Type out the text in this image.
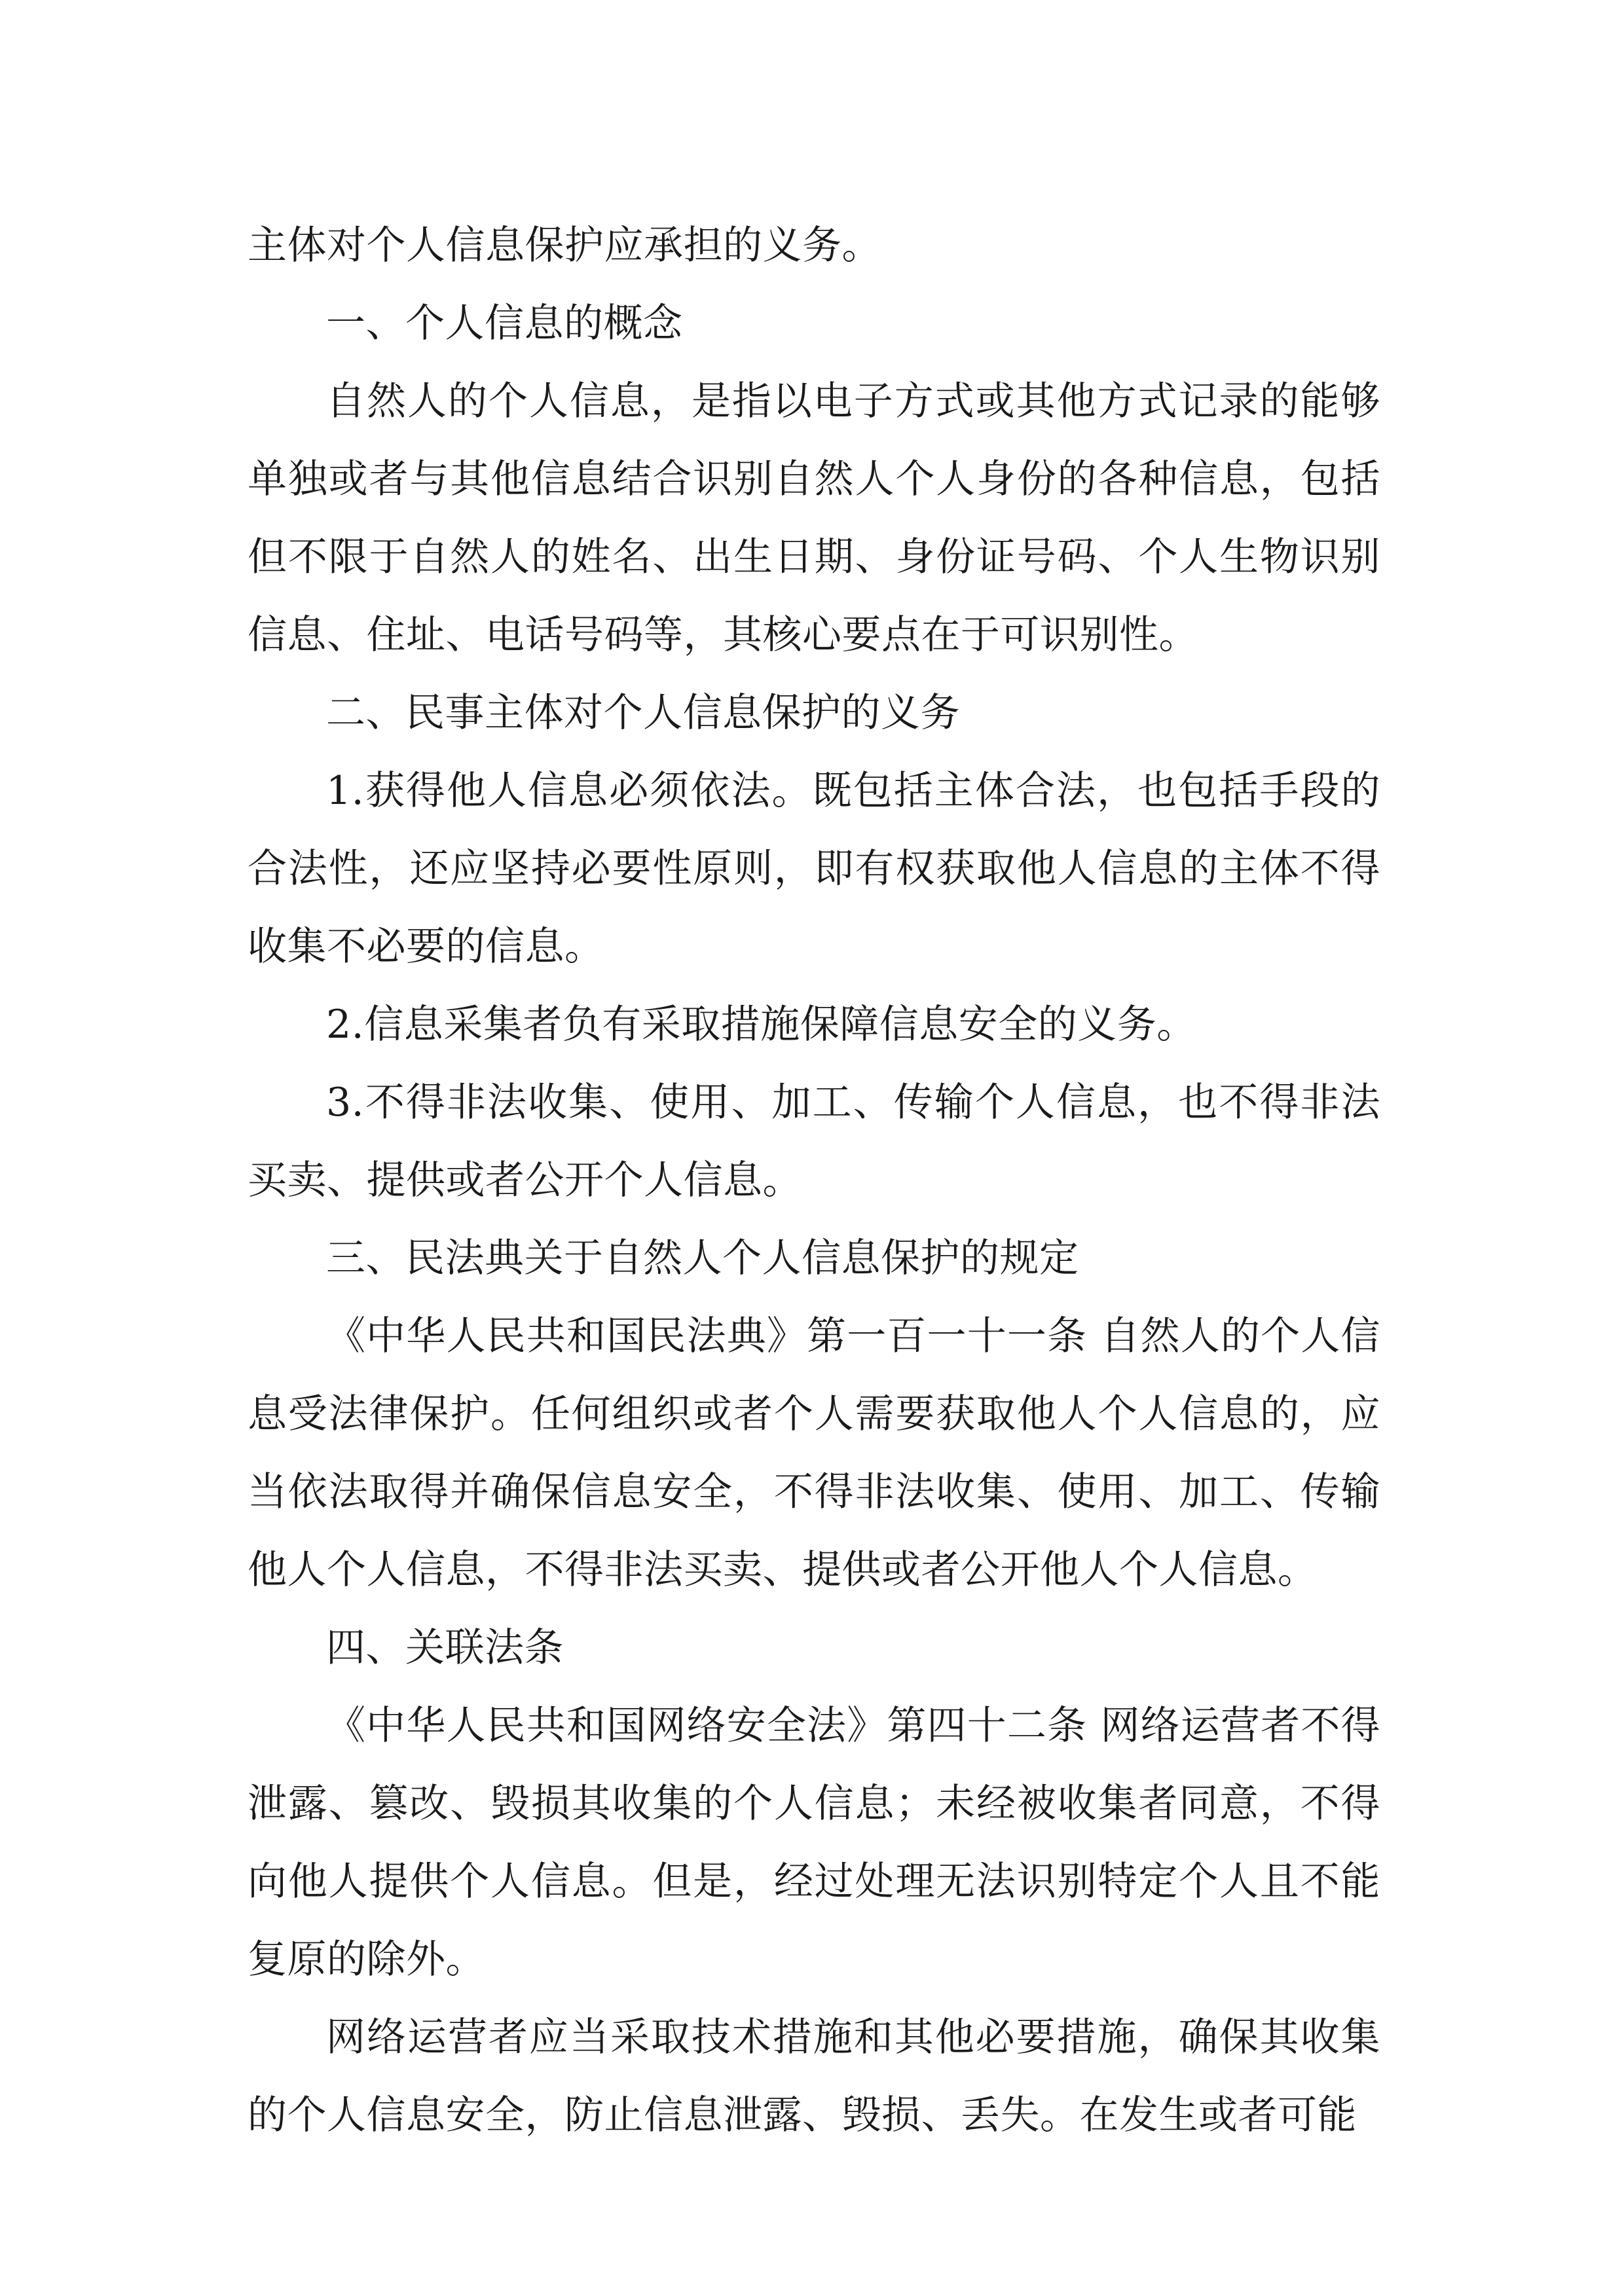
主体对个人信息保护应承担的义务。

一、个人信息的概念

自然人的个人信息，是指以电子方式或其他方式记录的能够单独或者与其他信息结合识别自然人个人身份的各种信息，包括但不限于自然人的姓名、出生日期、身份证号码、个人生物识别信息、住址、电话号码等，其核心要点在于可识别性。

二、民事主体对个人信息保护的义务

1.获得他人信息必须依法。既包括主体合法，也包括手段的合法性，还应坚持必要性原则，即有权获取他人信息的主体不得收集不必要的信息。

2.信息采集者负有采取措施保障信息安全的义务。

3.不得非法收集、使用、加工、传输个人信息，也不得非法买卖、提供或者公开个人信息。

三、民法典关于自然人个人信息保护的规定

《中华人民共和国民法典》第一百一十一条 自然人的个人信息受法律保护。任何组织或者个人需要获取他人个人信息的，应当依法取得并确保信息安全，不得非法收集、使用、加工、传输他人个人信息，不得非法买卖、提供或者公开他人个人信息。

四、关联法条

《中华人民共和国网络安全法》第四十二条 网络运营者不得泄露、篡改、毁损其收集的个人信息；未经被收集者同意，不得向他人提供个人信息。但是，经过处理无法识别特定个人且不能复原的除外。

网络运营者应当采取技术措施和其他必要措施，确保其收集的个人信息安全，防止信息泄露、毁损、丢失。在发生或者可能
